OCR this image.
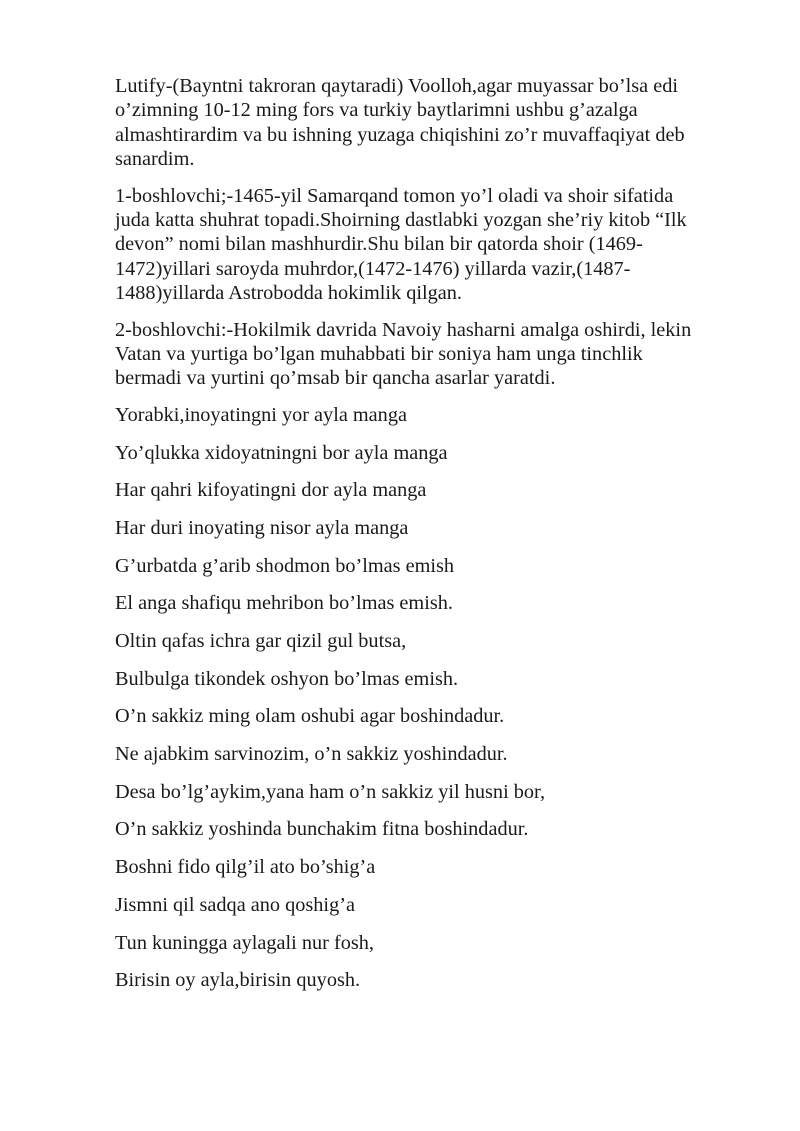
Lutify-(Bayntni takroran qaytaradi) Voolloh,agar muyassar bo’lsa edi
o’zimning 10-12 ming fors va turkiy baytlarimni ushbu g’azalga
almashtirardim va bu ishning yuzaga chiqishini zo’r muvaffaqiyat deb
sanardim.
1-boshlovchi;-1465-yil Samarqand tomon yo’l oladi va shoir sifatida
juda katta shuhrat topadi.Shoirning dastlabki yozgan she’riy kitob “Ilk
devon” nomi bilan mashhurdir.Shu bilan bir qatorda shoir (1469-
1472)yillari saroyda muhrdor,(1472-1476) yillarda vazir,(1487-
1488)yillarda Astrobodda hokimlik qilgan.
2-boshlovchi:-Hokilmik davrida Navoiy hasharni amalga oshirdi, lekin
Vatan va yurtiga bo’lgan muhabbati bir soniya ham unga tinchlik
bermadi va yurtini qo’msab bir qancha asarlar yaratdi.

Yorabki,inoyatingni yor ayla manga

Yo’qlukka xidoyatningni bor ayla manga

Har qahri kifoyatingni dor ayla manga

Har duri inoyating nisor ayla manga

G’urbatda g’arib shodmon bo’lmas emish

El anga shafiqu mehribon bo’lmas emish.

Oltin qafas ichra gar qizil gul butsa,

Bulbulga tikondek oshyon bo’lmas emish.

O’n sakkiz ming olam oshubi agar boshindadur.

Ne ajabkim sarvinozim, o’n sakkiz yoshindadur.

Desa bo’lg’aykim,yana ham o’n sakkiz yil husni bor,

O’n sakkiz yoshinda bunchakim fitna boshindadur.

Boshni fido qilg’il ato bo’shig’a

Jismni qil sadqa ano qoshig’a

Tun kuningga aylagali nur fosh,

Birisin oy ayla,birisin quyosh.
